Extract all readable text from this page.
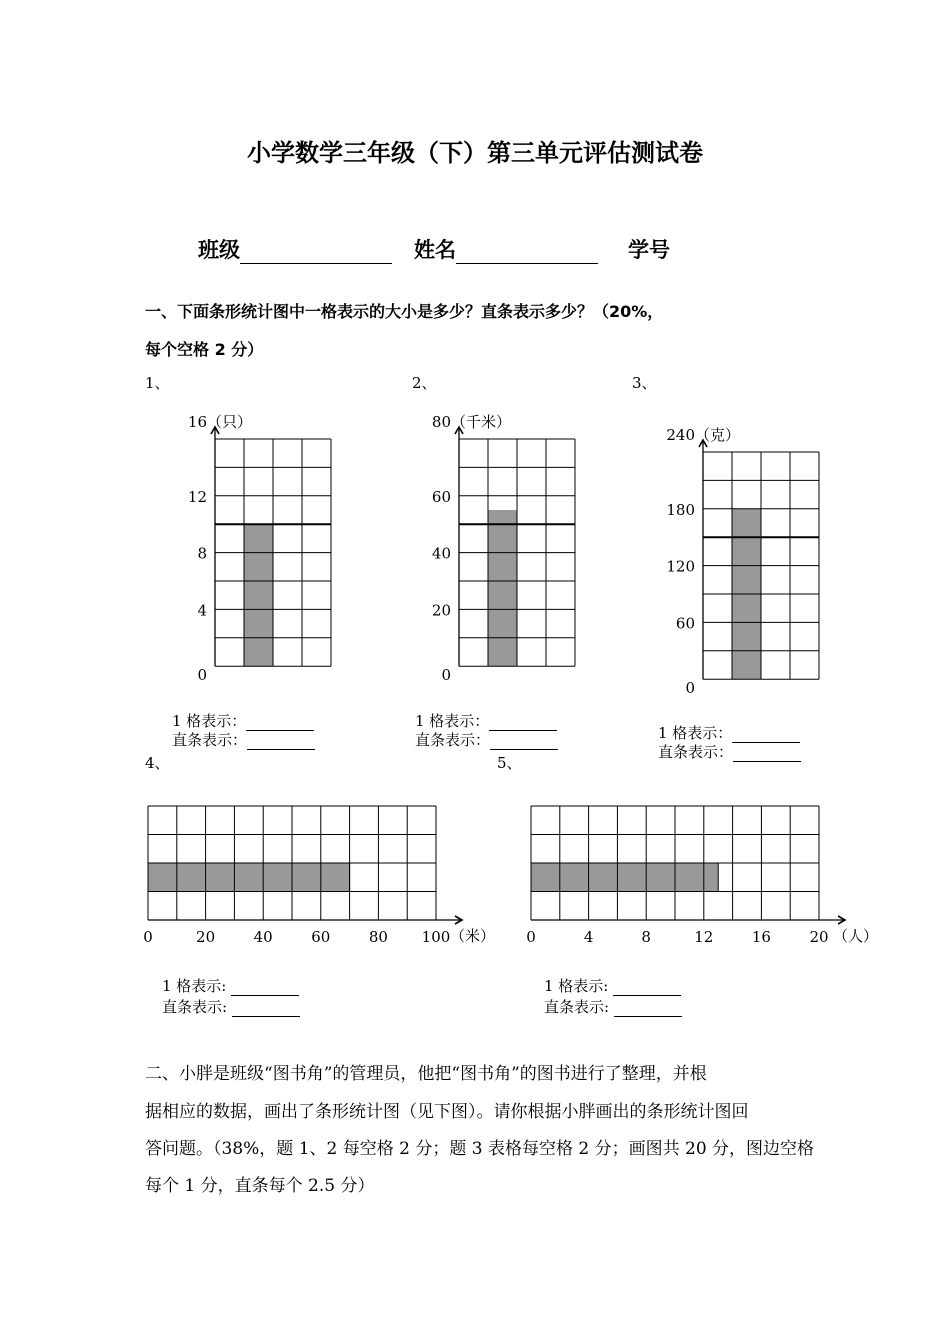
小学数学三年级（下）第三单元评估测试卷
班级	姓名	学号
一、下面条形统计图中一格表示的大小是多少？直条表示多少？（20%，
每个空格 2 分）
1、	2、	3、
4、	5、
0
4
8
12
16 （只）
0
20
40
60
80 （千米）
0
60
120
180
240 （克）
0	20	40	60	80 100 （米） 0	4	8	12	16	20 （人）
1 格表示：
直条表示：
1 格表示：
直条表示：	1 格表示：
直条表示：
1 格表示:
直条表示:
1 格表示:
直条表示:
二、小胖是班级“图书角”的管理员，他把“图书角”的图书进行了整理，并根
据相应的数据，画出了条形统计图（见下图）。请你根据小胖画出的条形统计图回
答问题。（38%，题 1、2 每空格 2 分；题 3 表格每空格 2 分；画图共 20 分，图边空格
每个 1 分，直条每个 2.5 分）
